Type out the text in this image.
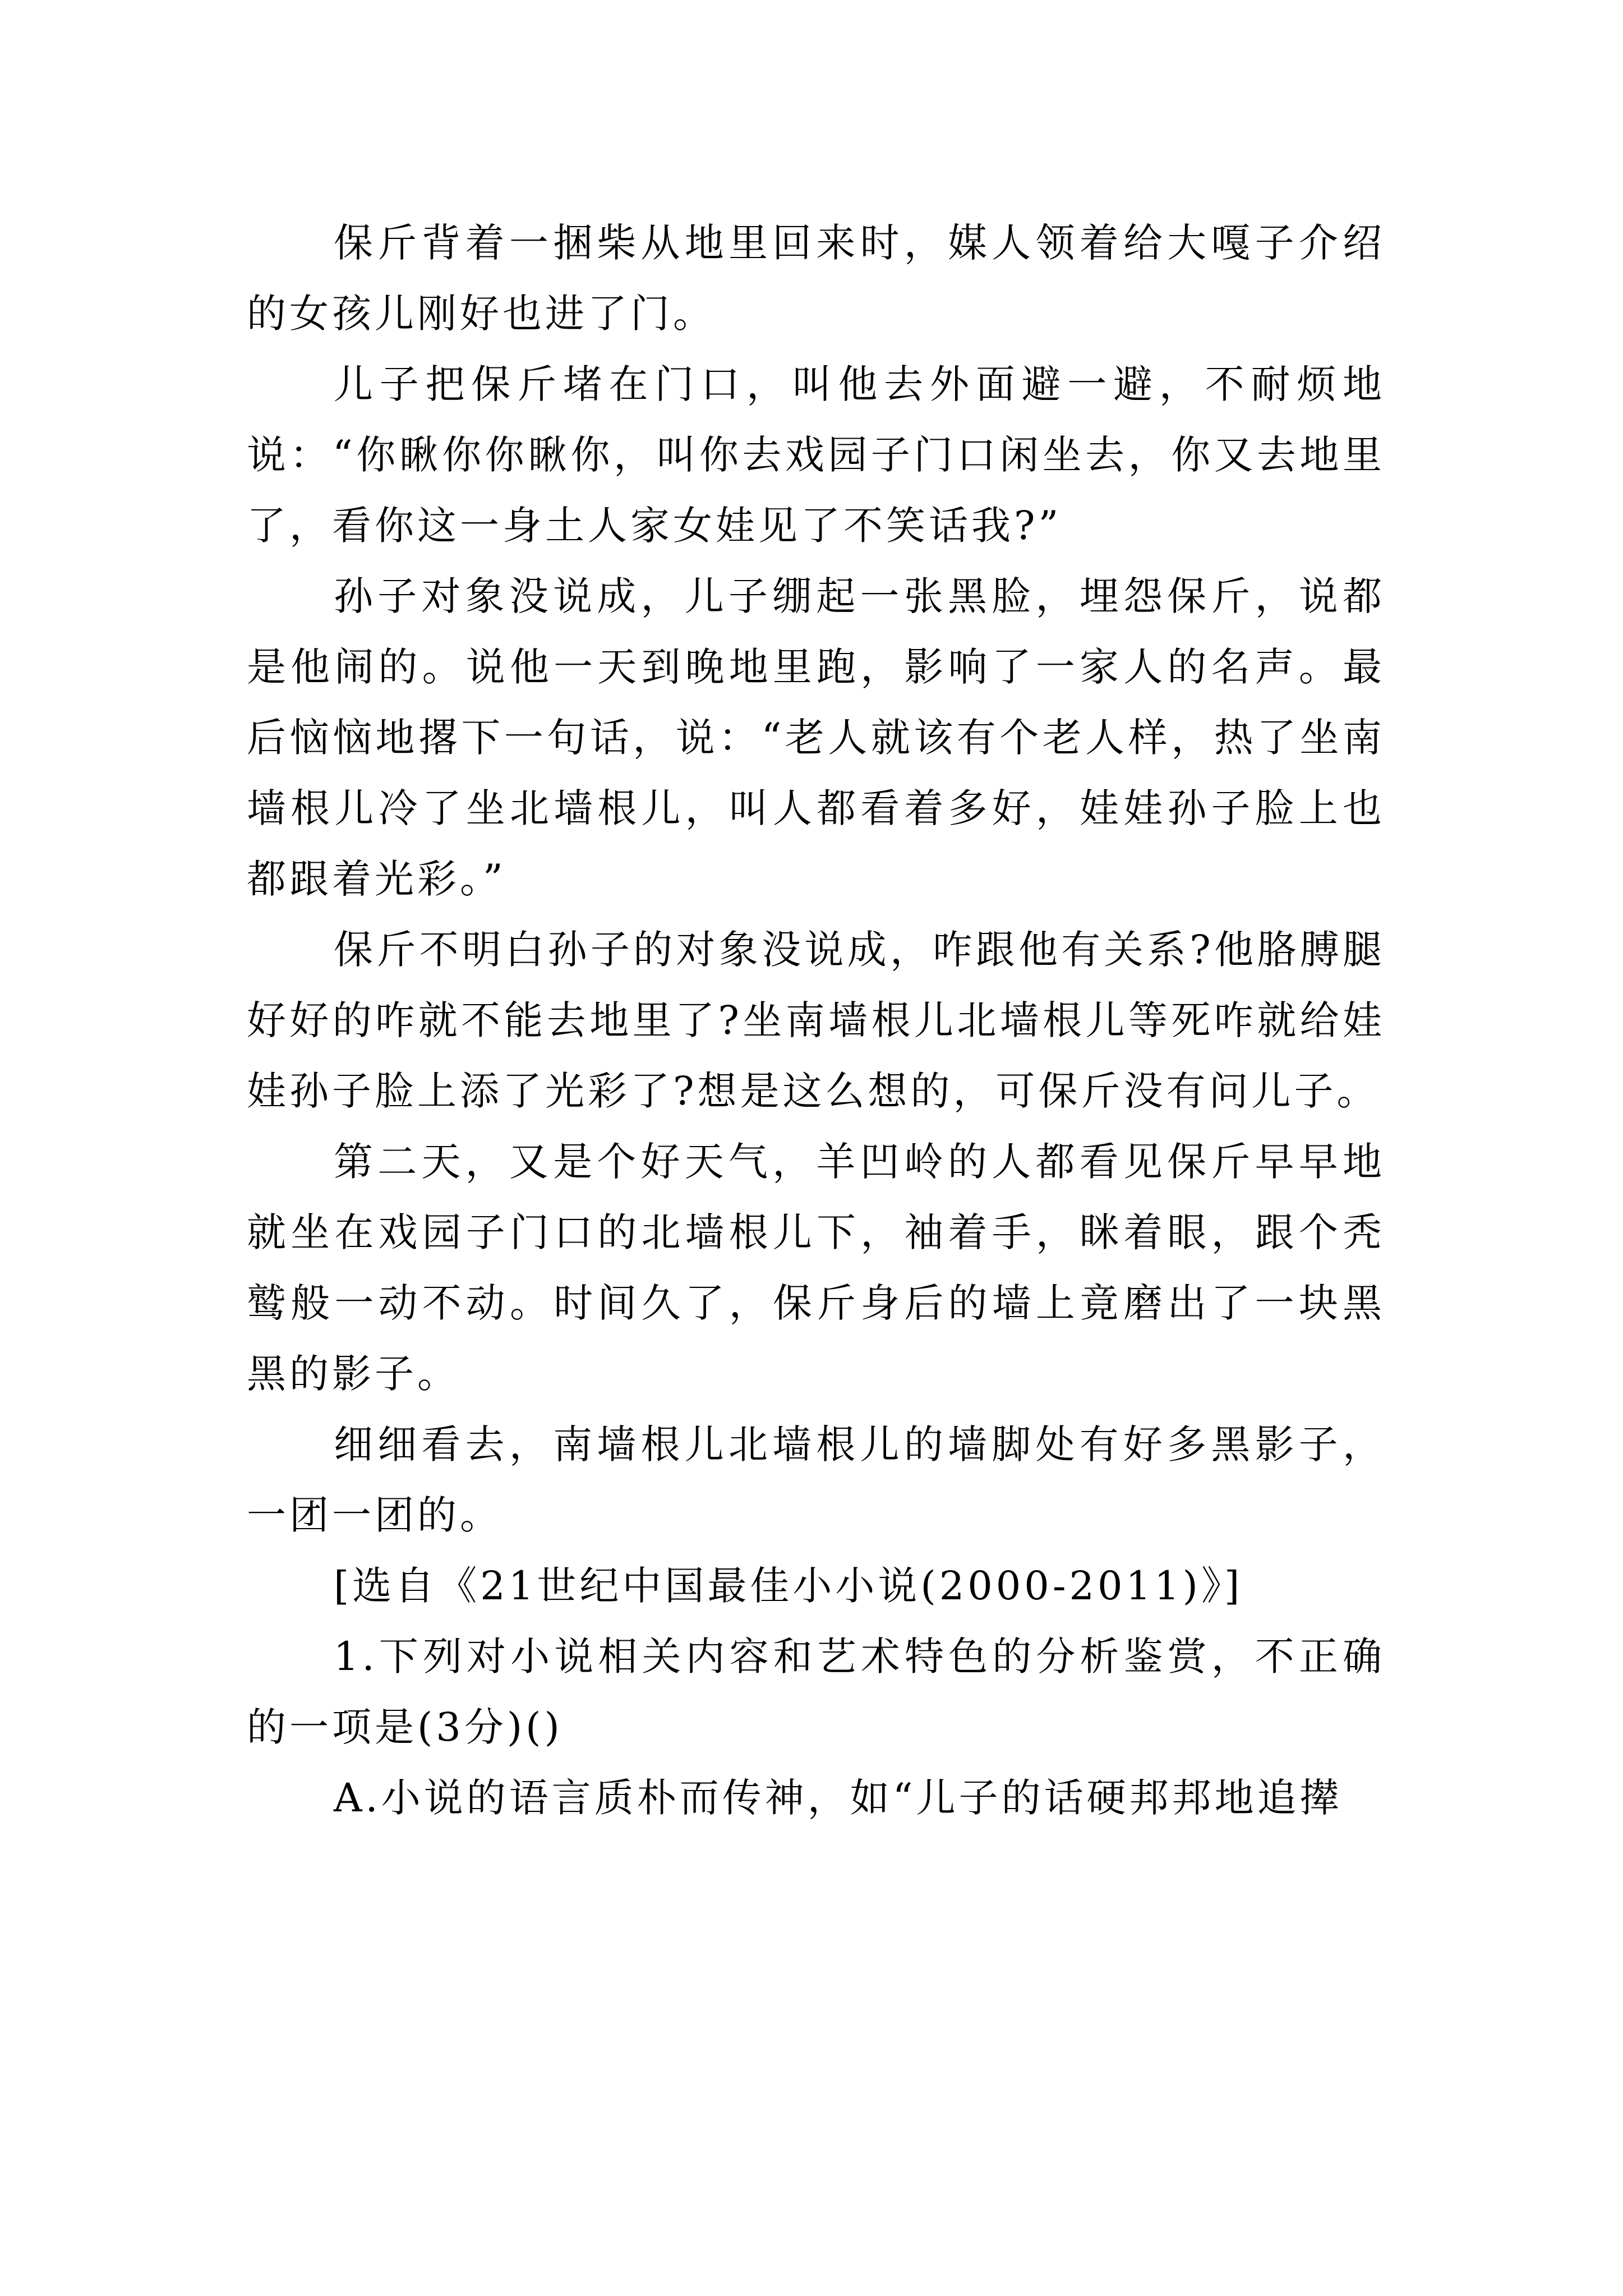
保斤背着一捆柴从地里回来时，媒人领着给大嘎子介绍的女孩儿刚好也进了门。

儿子把保斤堵在门口，叫他去外面避一避，不耐烦地说：“你瞅你你瞅你，叫你去戏园子门口闲坐去，你又去地里了，看你这一身土人家女娃见了不笑话我?”

孙子对象没说成，儿子绷起一张黑脸，埋怨保斤，说都是他闹的。说他一天到晚地里跑，影响了一家人的名声。最后恼恼地撂下一句话，说：“老人就该有个老人样，热了坐南墙根儿冷了坐北墙根儿，叫人都看着多好，娃娃孙子脸上也都跟着光彩。”

保斤不明白孙子的对象没说成，咋跟他有关系?他胳膊腿好好的咋就不能去地里了?坐南墙根儿北墙根儿等死咋就给娃娃孙子脸上添了光彩了?想是这么想的，可保斤没有问儿子。

第二天，又是个好天气，羊凹岭的人都看见保斤早早地就坐在戏园子门口的北墙根儿下，袖着手，眯着眼，跟个秃鹫般一动不动。时间久了，保斤身后的墙上竟磨出了一块黑黑的影子。

细细看去，南墙根儿北墙根儿的墙脚处有好多黑影子，一团一团的。

[选自《21世纪中国最佳小小说(2000-2011)》]

1.下列对小说相关内容和艺术特色的分析鉴赏，不正确的一项是(3分)()

A.小说的语言质朴而传神，如“儿子的话硬邦邦地追撵
